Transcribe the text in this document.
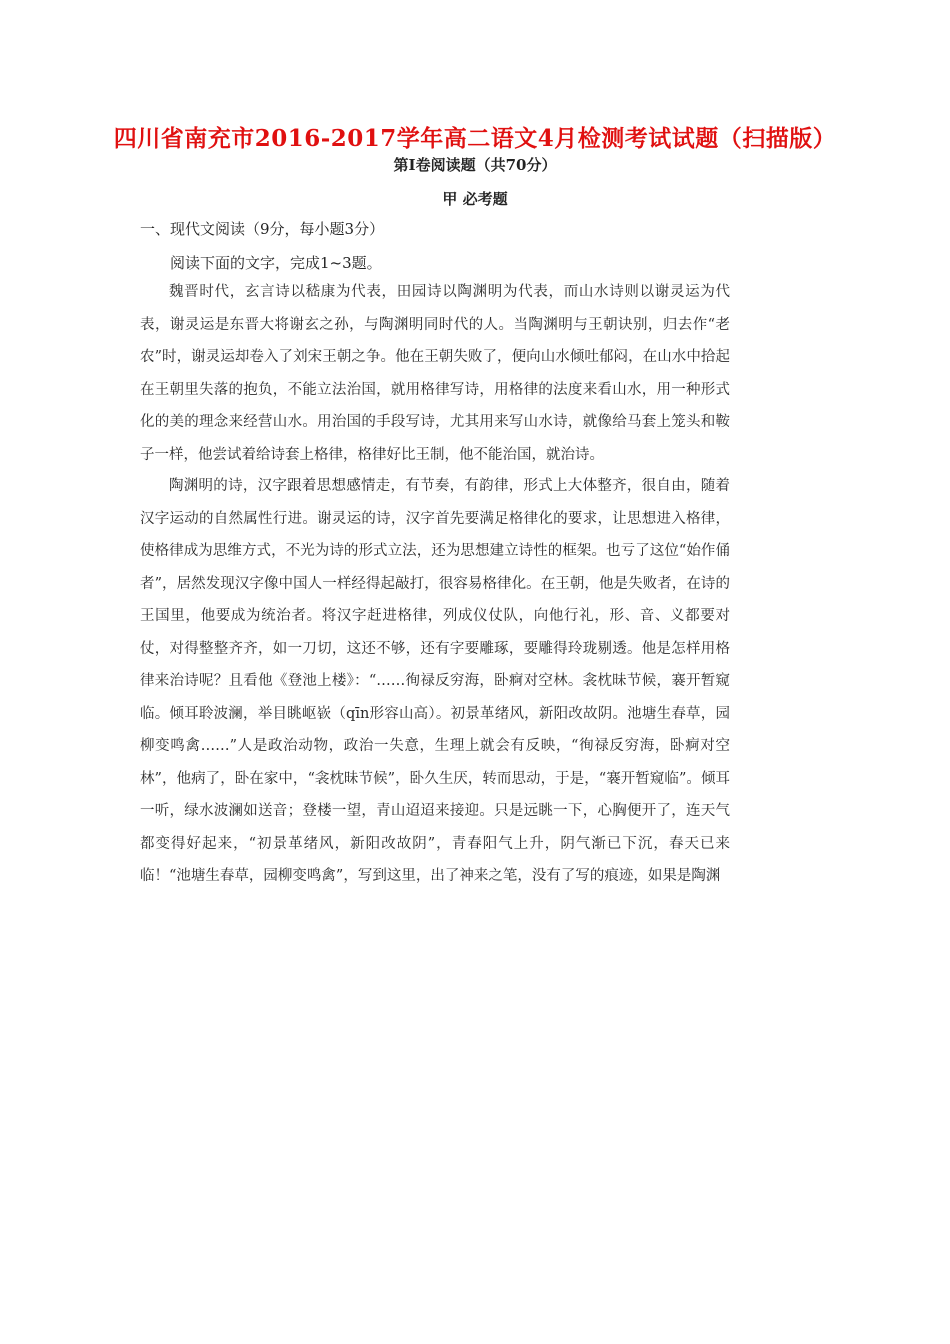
四川省南充市2016-2017学年高二语文4月检测考试试题（扫描版）
第Ⅰ卷阅读题（共70分）
甲 必考题
一、现代文阅读（9分，每小题3分）
阅读下面的文字，完成1~3题。

魏晋时代，玄言诗以嵇康为代表，田园诗以陶渊明为代表，而山水诗则以谢灵运为代表，谢灵运是东晋大将谢玄之孙，与陶渊明同时代的人。当陶渊明与王朝诀别，归去作“老农”时，谢灵运却卷入了刘宋王朝之争。他在王朝失败了，便向山水倾吐郁闷，在山水中拾起在王朝里失落的抱负，不能立法治国，就用格律写诗，用格律的法度来看山水，用一种形式化的美的理念来经营山水。用治国的手段写诗，尤其用来写山水诗，就像给马套上笼头和鞍子一样，他尝试着给诗套上格律，格律好比王制，他不能治国，就治诗。

陶渊明的诗，汉字跟着思想感情走，有节奏，有韵律，形式上大体整齐，很自由，随着汉字运动的自然属性行进。谢灵运的诗，汉字首先要满足格律化的要求，让思想进入格律，使格律成为思维方式，不光为诗的形式立法，还为思想建立诗性的框架。也亏了这位“始作俑者”，居然发现汉字像中国人一样经得起敲打，很容易格律化。在王朝，他是失败者，在诗的王国里，他要成为统治者。将汉字赶进格律，列成仪仗队，向他行礼，形、音、义都要对仗，对得整整齐齐，如一刀切，这还不够，还有字要雕琢，要雕得玲珑剔透。他是怎样用格律来治诗呢？且看他《登池上楼》：“……徇禄反穷海，卧痾对空林。衾枕昧节候，褰开暂窥临。倾耳聆波澜，举目眺岖嵚（qīn形容山高）。初景革绪风，新阳改故阴。池塘生春草，园柳变鸣禽……”人是政治动物，政治一失意，生理上就会有反映，“徇禄反穷海，卧痾对空林”，他病了，卧在家中，“衾枕昧节候”，卧久生厌，转而思动，于是，“褰开暂窥临”。倾耳一听，绿水波澜如送音；登楼一望，青山迢迢来接迎。只是远眺一下，心胸便开了，连天气都变得好起来，“初景革绪风，新阳改故阴”，青春阳气上升，阴气渐已下沉，春天已来临！“池塘生春草，园柳变鸣禽”，写到这里，出了神来之笔，没有了写的痕迹，如果是陶渊
